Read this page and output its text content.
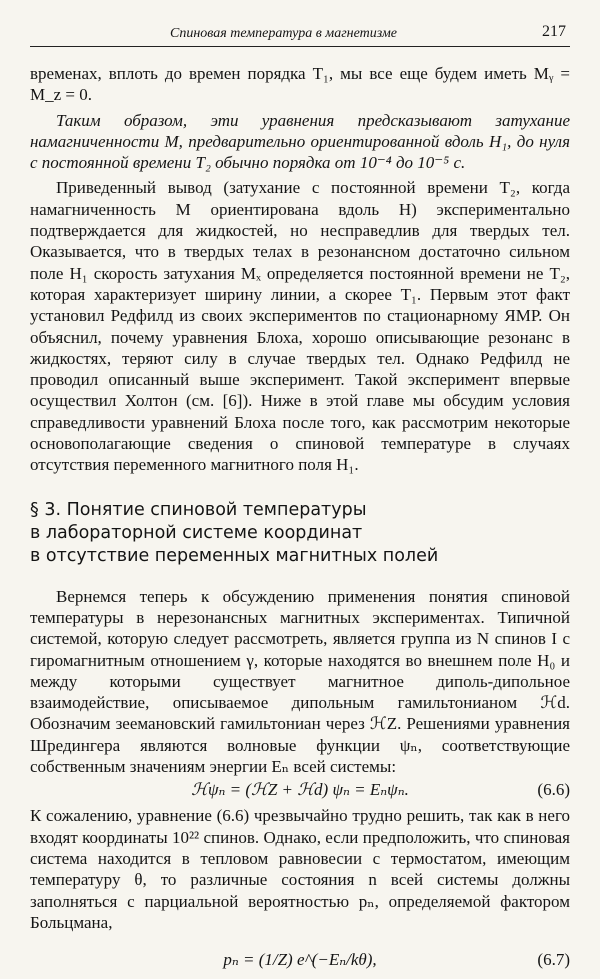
Спиновая температура в магнетизме	217

временах, вплоть до времен порядка T₁, мы все еще будем иметь Mᵧ = M_z = 0.

Таким образом, эти уравнения предсказывают затухание намагниченности M, предварительно ориентированной вдоль H₁, до нуля с постоянной времени T₂ обычно порядка от 10⁻⁴ до 10⁻⁵ с.

Приведенный вывод (затухание с постоянной времени T₂, когда намагниченность M ориентирована вдоль H) экспериментально подтверждается для жидкостей, но несправедлив для твердых тел. Оказывается, что в твердых телах в резонансном достаточно сильном поле H₁ скорость затухания Mₓ определяется постоянной времени не T₂, которая характеризует ширину линии, а скорее T₁. Первым этот факт установил Редфилд из своих экспериментов по стационарному ЯМР. Он объяснил, почему уравнения Блоха, хорошо описывающие резонанс в жидкостях, теряют силу в случае твердых тел. Однако Редфилд не проводил описанный выше эксперимент. Такой эксперимент впервые осуществил Холтон (см. [6]). Ниже в этой главе мы обсудим условия справедливости уравнений Блоха после того, как рассмотрим некоторые основополагающие сведения о спиновой температуре в случаях отсутствия переменного магнитного поля H₁.

§ 3. Понятие спиновой температуры
в лабораторной системе координат
в отсутствие переменных магнитных полей

Вернемся теперь к обсуждению применения понятия спиновой температуры в нерезонансных магнитных экспериментах. Типичной системой, которую следует рассмотреть, является группа из N спинов I с гиромагнитным отношением γ, которые находятся во внешнем поле H₀ и между которыми существует магнитное диполь-дипольное взаимодействие, описываемое дипольным гамильтонианом ℋd. Обозначим зеемановский гамильтониан через ℋZ. Решениями уравнения Шредингера являются волновые функции ψₙ, соответствующие собственным значениям энергии Eₙ всей системы:

ℋψₙ = (ℋZ + ℋd) ψₙ = Eₙψₙ.	(6.6)

К сожалению, уравнение (6.6) чрезвычайно трудно решить, так как в него входят координаты 10²² спинов. Однако, если предположить, что спиновая система находится в тепловом равновесии с термостатом, имеющим температуру θ, то различные состояния n всей системы должны заполняться с парциальной вероятностью pₙ, определяемой фактором Больцмана,

pₙ = (1/Z) e^(−Eₙ/kθ),	(6.7)
